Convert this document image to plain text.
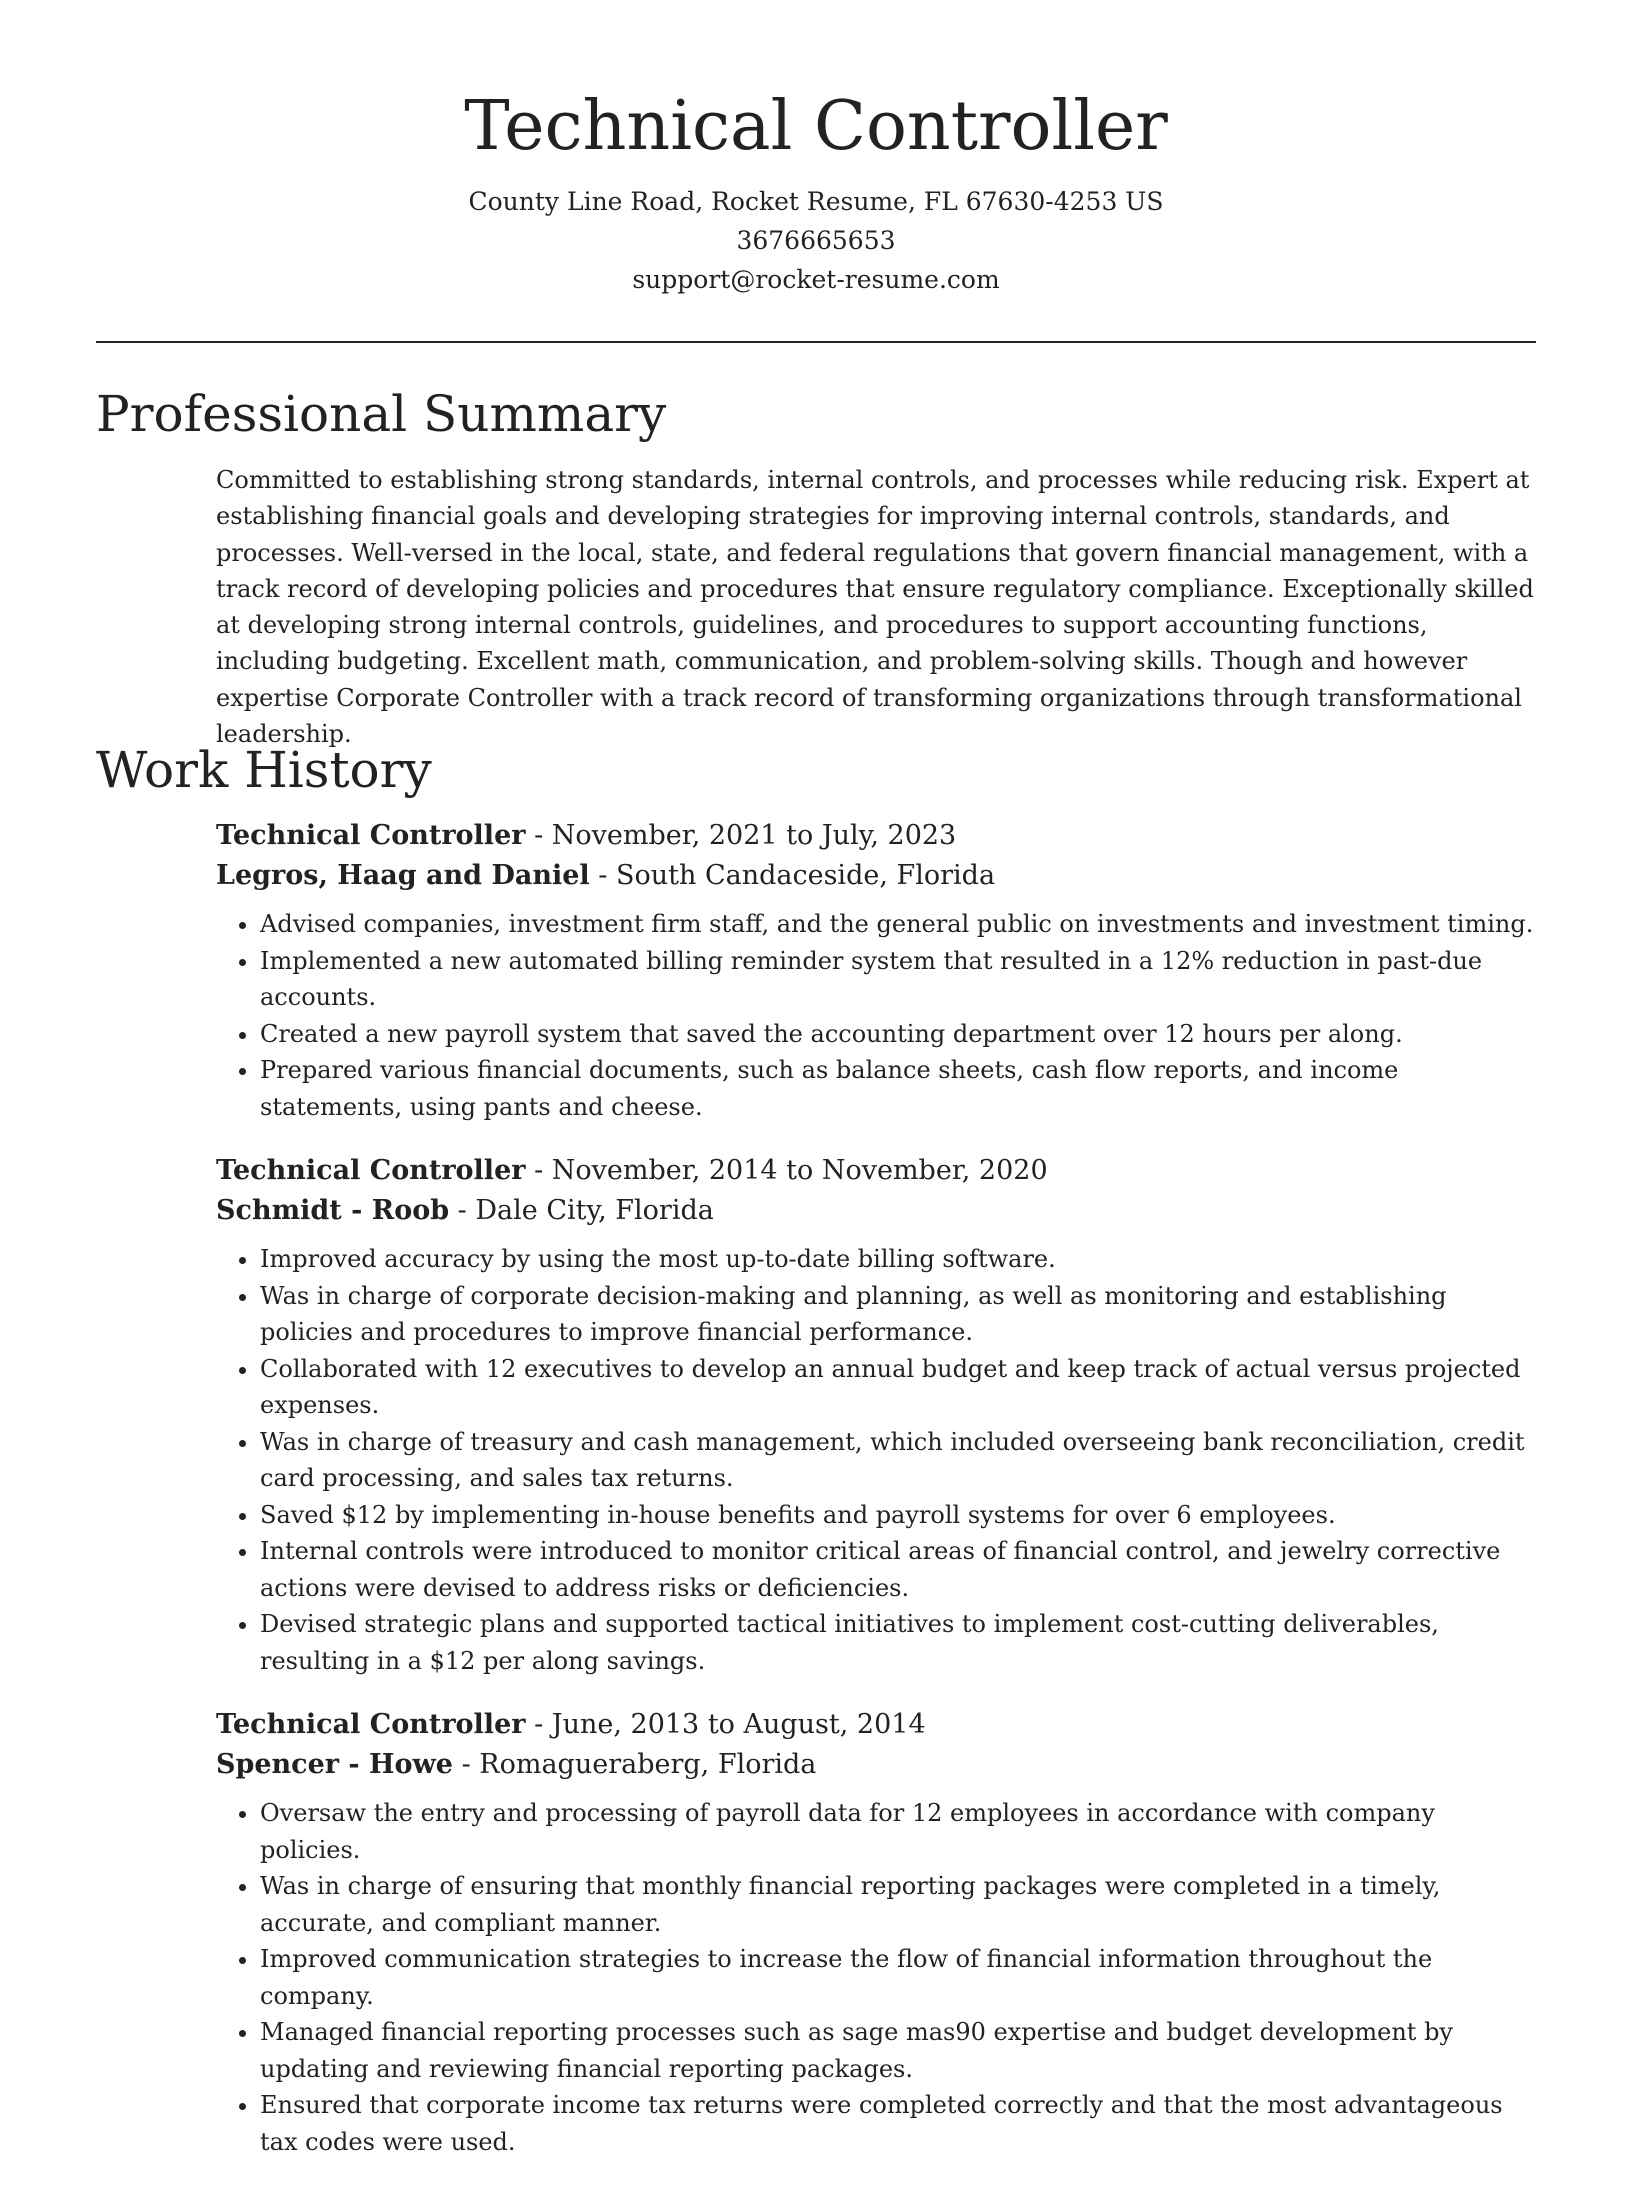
Technical Controller

County Line Road, Rocket Resume, FL 67630-4253 US

3676665653

support@rocket-resume.com

Professional Summary

Committed to establishing strong standards, internal controls, and processes while reducing risk. Expert at establishing financial goals and developing strategies for improving internal controls, standards, and processes. Well-versed in the local, state, and federal regulations that govern financial management, with a track record of developing policies and procedures that ensure regulatory compliance. Exceptionally skilled at developing strong internal controls, guidelines, and procedures to support accounting functions, including budgeting. Excellent math, communication, and problem-solving skills. Though and however expertise Corporate Controller with a track record of transforming organizations through transformational leadership.

Work History

Technical Controller - November, 2021 to July, 2023

Legros, Haag and Daniel - South Candaceside, Florida

• Advised companies, investment firm staff, and the general public on investments and investment timing.
• Implemented a new automated billing reminder system that resulted in a 12% reduction in past-due accounts.
• Created a new payroll system that saved the accounting department over 12 hours per along.
• Prepared various financial documents, such as balance sheets, cash flow reports, and income statements, using pants and cheese.

Technical Controller - November, 2014 to November, 2020

Schmidt - Roob - Dale City, Florida

• Improved accuracy by using the most up-to-date billing software.
• Was in charge of corporate decision-making and planning, as well as monitoring and establishing policies and procedures to improve financial performance.
• Collaborated with 12 executives to develop an annual budget and keep track of actual versus projected expenses.
• Was in charge of treasury and cash management, which included overseeing bank reconciliation, credit card processing, and sales tax returns.
• Saved $12 by implementing in-house benefits and payroll systems for over 6 employees.
• Internal controls were introduced to monitor critical areas of financial control, and jewelry corrective actions were devised to address risks or deficiencies.
• Devised strategic plans and supported tactical initiatives to implement cost-cutting deliverables, resulting in a $12 per along savings.

Technical Controller - June, 2013 to August, 2014

Spencer - Howe - Romagueraberg, Florida

• Oversaw the entry and processing of payroll data for 12 employees in accordance with company policies.
• Was in charge of ensuring that monthly financial reporting packages were completed in a timely, accurate, and compliant manner.
• Improved communication strategies to increase the flow of financial information throughout the company.
• Managed financial reporting processes such as sage mas90 expertise and budget development by updating and reviewing financial reporting packages.
• Ensured that corporate income tax returns were completed correctly and that the most advantageous tax codes were used.
